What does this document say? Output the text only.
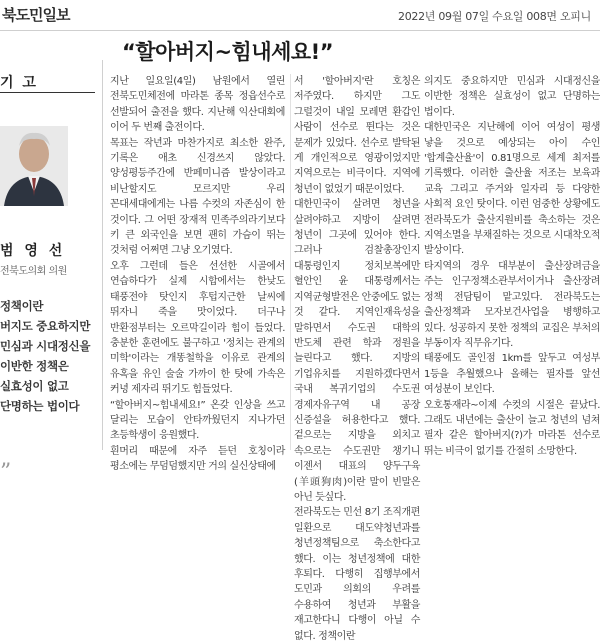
북도민일보	2022년 09월 07일 수요일 008면 오피니
“할아버지~힘내세요!”
기 고
범 영 선
전북도의회 의원
정책이란
버지도 중요하지만
민심과 시대정신을
이반한 정책은
실효성이 없고
단명하는 법이다
”

지난 일요일(4일) 남원에서 열린 전북도민체전에 마라톤 종목 정읍선수로 선발되어 출전을 했다. 지난해 익산대회에 이어 두 번째 출전이다.

목표는 작년과 마찬가지로 최소한 완주, 기록은 애초 신경쓰지 않았다. 양성평등주간에 반페미니즘 발상이라고 비난할지도 모르지만 우리 꼰대세대에게는 나름 수컷의 자존심이 한 것이다. 그 어떤 장재적 민족주의라기보다 키 큰 외국인을 보면 괜히 가슴이 뛰는 것처럼 어쩌면 그냥 오기였다.

오후 그런데 들은 선선한 시골에서 연습하다가 실제 시합에서는 한낮도 태풍전야 탓인지 후텁지근한 날씨에 뛰자니 죽을 맛이었다. 더구나 반환점부터는 오르막길이라 힘이 들었다. 충분한 훈련에도 불구하고 '정치는 관계의 미학'이라는 개똥철학을 이유로 관계의 유혹을 유인 술술 가까이 한 탓에 가속은 커녕 제자리 뛰기도 힘들었다.

“할아버지~힘내세요!” 온갖 인상을 쓰고 달리는 모습이 안타까웠던지 지나가던 초등학생이 응원했다.

흰머리 때문에 자주 듣던 호칭이라 평소에는 무덤덤했지만 거의 실신상태에

서 '할아버지'란 호칭은 저주였다. 하지만 그도 그럴것이 내일 모레면 환갑인 사람이 선수로 뛴다는 것은 문제가 있었다. 선수로 발탁된 게 개인적으로 영광이었지만 지역으로는 비극이다. 지역에 청년이 없었기 때문이었다.

대한민국이 살려면 청년을 살려야하고 지방이 살려면 청년이 그곳에 있어야 한다. 그러나 검찰총장인지 대통령인지 정치보복에만 혈안인 윤 대통령께서는 지역균형발전은 안중에도 없는 것 같다. 지역인재육성을 말하면서 수도권 대학의 반도체 관련 학과 정원을 늘린다고 했다. 지방의 기업유치를 지원하겠다면서 국내 복귀기업의 수도권 경제자유구역 내 공장 신증설을 허용한다고 했다. 겉으로는 지방을 외치고 속으로는 수도권만 챙기니 이젠서 대표의 양두구육(羊頭狗肉)이란 말이 빈말은 아닌 듯싶다.

전라북도는 민선 8기 조직개편 일환으로 대도약청년과를 청년정책팀으로 축소한다고 했다. 이는 청년정책에 대한 후퇴다. 다행히 집행부에서 도민과 의회의 우려를 수용하여 청년과 부활을 재고한다니 다행이 아닐 수 없다. 정책이란

의지도 중요하지만 민심과 시대정신을 이반한 정책은 실효성이 없고 단명하는 법이다.

대한민국은 지난해에 이어 여성이 평생 낳을 것으로 예상되는 아이 수인 '합계출산율'이 0.81명으로 세계 최저를 기록했다. 이러한 출산율 저조는 보육과 교육 그리고 주거와 일자리 등 다양한 사회적 요인 탓이다. 이런 엄중한 상황에도 전라북도가 출산지원비를 축소하는 것은 지역소멸을 부채질하는 것으로 시대착오적 발상이다.

타지역의 경우 대부분이 출산장려금을 주는 인구정책소관부서이거나 출산장려 정책 전담팀이 맡고있다. 전라북도는 출산정책과 모자보건사업을 병행하고 있다. 성공하지 못한 정책의 교집은 부처의 부동이자 직무유기다.

태풍에도 골인점 1km를 앞두고 여성부 1등을 추월했으나 올해는 필자를 앞선 여성분이 보인다.

오호통재라~이제 수컷의 시절은 끝났다. 그래도 내년에는 출산이 늘고 청년의 넘쳐 필자 같은 할아버지(?)가 마라톤 선수로 뛰는 비극이 없기를 간절히 소망한다.
